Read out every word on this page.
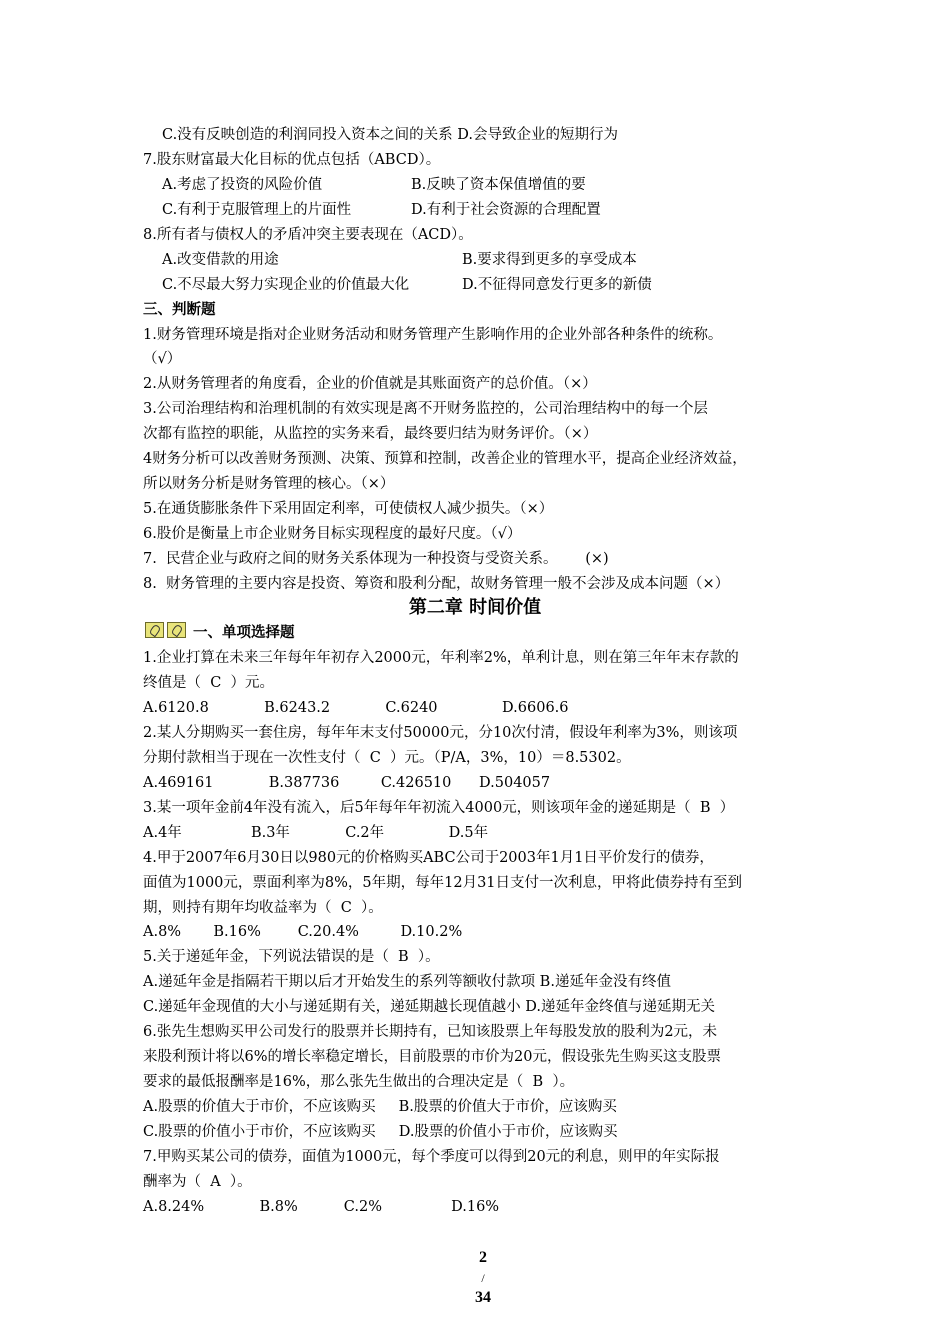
C.没有反映创造的利润同投入资本之间的关系 D.会导致企业的短期行为
7.股东财富最大化目标的优点包括（ABCD）。
A.考虑了投资的风险价值	B.反映了资本保值增值的要
C.有利于克服管理上的片面性	D.有利于社会资源的合理配置
8.所有者与债权人的矛盾冲突主要表现在（ACD）。
A.改变借款的用途	B.要求得到更多的享受成本
C.不尽最大努力实现企业的价值最大化	D.不征得同意发行更多的新债
三、判断题
1.财务管理环境是指对企业财务活动和财务管理产生影响作用的企业外部各种条件的统称。
（√）
2.从财务管理者的角度看，企业的价值就是其账面资产的总价值。（×）
3.公司治理结构和治理机制的有效实现是离不开财务监控的，公司治理结构中的每一个层
次都有监控的职能，从监控的实务来看，最终要归结为财务评价。（×）
4财务分析可以改善财务预测、决策、预算和控制，改善企业的管理水平，提高企业经济效益，
所以财务分析是财务管理的核心。（×）
5.在通货膨胀条件下采用固定利率，可使债权人减少损失。（×）
6.股价是衡量上市企业财务目标实现程度的最好尺度。（√）
7.  民营企业与政府之间的财务关系体现为一种投资与受资关系。      (×)
8.  财务管理的主要内容是投资、筹资和股利分配，故财务管理一般不会涉及成本问题（×）
第二章 时间价值
一、单项选择题
1.企业打算在未来三年每年年初存入2000元，年利率2%，单利计息，则在第三年年末存款的
终值是（  C  ）元。
A.6120.8            B.6243.2            C.6240              D.6606.6
2.某人分期购买一套住房，每年年末支付50000元，分10次付清，假设年利率为3%，则该项
分期付款相当于现在一次性支付（  C  ）元。（P/A，3%，10）＝8.5302。
A.469161            B.387736         C.426510      D.504057
3.某一项年金前4年没有流入，后5年每年年初流入4000元，则该项年金的递延期是（  B  ）
A.4年               B.3年            C.2年              D.5年
4.甲于2007年6月30日以980元的价格购买ABC公司于2003年1月1日平价发行的债券，
面值为1000元，票面利率为8%，5年期，每年12月31日支付一次利息，甲将此债券持有至到
期，则持有期年均收益率为（  C  ）。
A.8%       B.16%        C.20.4%         D.10.2%
5.关于递延年金，下列说法错误的是（  B  ）。
A.递延年金是指隔若干期以后才开始发生的系列等额收付款项 B.递延年金没有终值
C.递延年金现值的大小与递延期有关，递延期越长现值越小 D.递延年金终值与递延期无关
6.张先生想购买甲公司发行的股票并长期持有，已知该股票上年每股发放的股利为2元，未
来股利预计将以6%的增长率稳定增长，目前股票的市价为20元，假设张先生购买这支股票
要求的最低报酬率是16%，那么张先生做出的合理决定是（  B  ）。
A.股票的价值大于市价，不应该购买     B.股票的价值大于市价，应该购买
C.股票的价值小于市价，不应该购买     D.股票的价值小于市价，应该购买
7.甲购买某公司的债券，面值为1000元，每个季度可以得到20元的利息，则甲的年实际报
酬率为（  A  ）。
A.8.24%            B.8%          C.2%               D.16%

2
/
34
